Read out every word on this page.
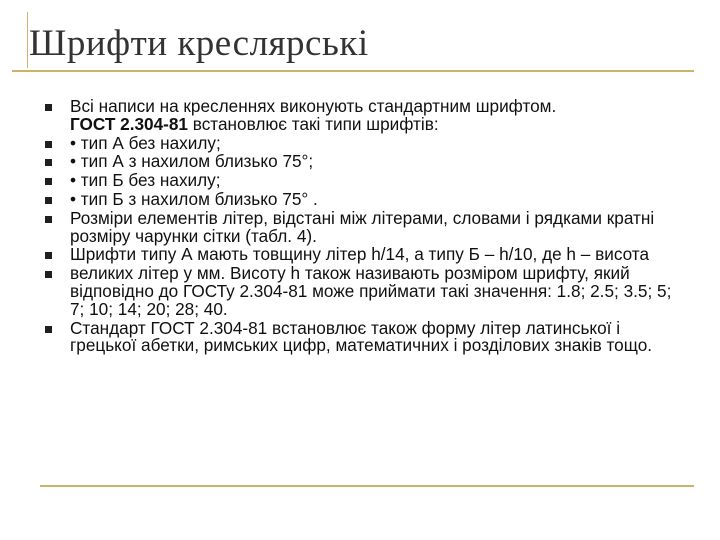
Шрифти креслярські
Всі написи на кресленнях виконують стандартним шрифтом.
ГОСТ 2.304-81 встановлює такі типи шрифтів:
• тип А без нахилу;
• тип А з нахилом близько 75°;
• тип Б без нахилу;
• тип Б з нахилом близько 75° .
Розміри елементів літер, відстані між літерами, словами і рядками кратні розміру чарунки сітки (табл. 4).
Шрифти типу А мають товщину літер h/14, а типу Б – h/10, де h – висота
великих літер у мм. Висоту h також називають розміром шрифту, який відповідно до ГОСТу 2.304-81 може приймати такі значення: 1.8; 2.5; 3.5; 5; 7; 10; 14; 20; 28; 40.
Стандарт ГОСТ 2.304-81 встановлює також форму літер латинської і грецької абетки, римських цифр, математичних і розділових знаків тощо.
